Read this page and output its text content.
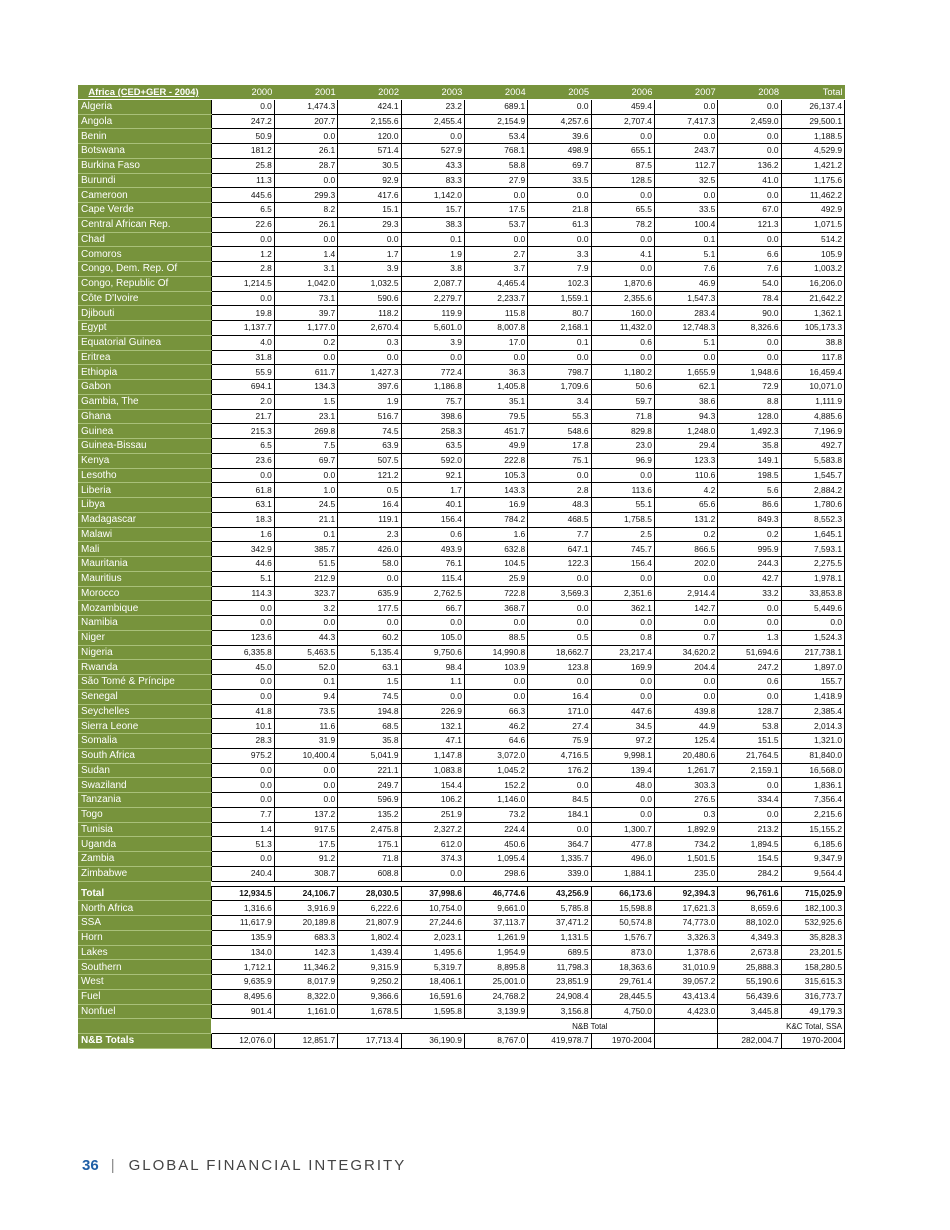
Africa (CED+GER - 2004)	2000	2001	2002	2003	2004	2005	2006	2007	2008	Total
Algeria	0.0	1,474.3	424.1	23.2	689.1	0.0	459.4	0.0	0.0	26,137.4
Angola	247.2	207.7	2,155.6	2,455.4	2,154.9	4,257.6	2,707.4	7,417.3	2,459.0	29,500.1
Benin	50.9	0.0	120.0	0.0	53.4	39.6	0.0	0.0	0.0	1,188.5
Botswana	181.2	26.1	571.4	527.9	768.1	498.9	655.1	243.7	0.0	4,529.9
Burkina Faso	25.8	28.7	30.5	43.3	58.8	69.7	87.5	112.7	136.2	1,421.2
Burundi	11.3	0.0	92.9	83.3	27.9	33.5	128.5	32.5	41.0	1,175.6
Cameroon	445.6	299.3	417.6	1,142.0	0.0	0.0	0.0	0.0	0.0	11,462.2
Cape Verde	6.5	8.2	15.1	15.7	17.5	21.8	65.5	33.5	67.0	492.9
Central African Rep.	22.6	26.1	29.3	38.3	53.7	61.3	78.2	100.4	121.3	1,071.5
Chad	0.0	0.0	0.0	0.1	0.0	0.0	0.0	0.1	0.0	514.2
Comoros	1.2	1.4	1.7	1.9	2.7	3.3	4.1	5.1	6.6	105.9
Congo, Dem. Rep. Of	2.8	3.1	3.9	3.8	3.7	7.9	0.0	7.6	7.6	1,003.2
Congo, Republic Of	1,214.5	1,042.0	1,032.5	2,087.7	4,465.4	102.3	1,870.6	46.9	54.0	16,206.0
Côte D'Ivoire	0.0	73.1	590.6	2,279.7	2,233.7	1,559.1	2,355.6	1,547.3	78.4	21,642.2
Djibouti	19.8	39.7	118.2	119.9	115.8	80.7	160.0	283.4	90.0	1,362.1
Egypt	1,137.7	1,177.0	2,670.4	5,601.0	8,007.8	2,168.1	11,432.0	12,748.3	8,326.6	105,173.3
Equatorial Guinea	4.0	0.2	0.3	3.9	17.0	0.1	0.6	5.1	0.0	38.8
Eritrea	31.8	0.0	0.0	0.0	0.0	0.0	0.0	0.0	0.0	117.8
Ethiopia	55.9	611.7	1,427.3	772.4	36.3	798.7	1,180.2	1,655.9	1,948.6	16,459.4
Gabon	694.1	134.3	397.6	1,186.8	1,405.8	1,709.6	50.6	62.1	72.9	10,071.0
Gambia, The	2.0	1.5	1.9	75.7	35.1	3.4	59.7	38.6	8.8	1,111.9
Ghana	21.7	23.1	516.7	398.6	79.5	55.3	71.8	94.3	128.0	4,885.6
Guinea	215.3	269.8	74.5	258.3	451.7	548.6	829.8	1,248.0	1,492.3	7,196.9
Guinea-Bissau	6.5	7.5	63.9	63.5	49.9	17.8	23.0	29.4	35.8	492.7
Kenya	23.6	69.7	507.5	592.0	222.8	75.1	96.9	123.3	149.1	5,583.8
Lesotho	0.0	0.0	121.2	92.1	105.3	0.0	0.0	110.6	198.5	1,545.7
Liberia	61.8	1.0	0.5	1.7	143.3	2.8	113.6	4.2	5.6	2,884.2
Libya	63.1	24.5	16.4	40.1	16.9	48.3	55.1	65.6	86.6	1,780.6
Madagascar	18.3	21.1	119.1	156.4	784.2	468.5	1,758.5	131.2	849.3	8,552.3
Malawi	1.6	0.1	2.3	0.6	1.6	7.7	2.5	0.2	0.2	1,645.1
Mali	342.9	385.7	426.0	493.9	632.8	647.1	745.7	866.5	995.9	7,593.1
Mauritania	44.6	51.5	58.0	76.1	104.5	122.3	156.4	202.0	244.3	2,275.5
Mauritius	5.1	212.9	0.0	115.4	25.9	0.0	0.0	0.0	42.7	1,978.1
Morocco	114.3	323.7	635.9	2,762.5	722.8	3,569.3	2,351.6	2,914.4	33.2	33,853.8
Mozambique	0.0	3.2	177.5	66.7	368.7	0.0	362.1	142.7	0.0	5,449.6
Namibia	0.0	0.0	0.0	0.0	0.0	0.0	0.0	0.0	0.0	0.0
Niger	123.6	44.3	60.2	105.0	88.5	0.5	0.8	0.7	1.3	1,524.3
Nigeria	6,335.8	5,463.5	5,135.4	9,750.6	14,990.8	18,662.7	23,217.4	34,620.2	51,694.6	217,738.1
Rwanda	45.0	52.0	63.1	98.4	103.9	123.8	169.9	204.4	247.2	1,897.0
São Tomé & Príncipe	0.0	0.1	1.5	1.1	0.0	0.0	0.0	0.0	0.6	155.7
Senegal	0.0	9.4	74.5	0.0	0.0	16.4	0.0	0.0	0.0	1,418.9
Seychelles	41.8	73.5	194.8	226.9	66.3	171.0	447.6	439.8	128.7	2,385.4
Sierra Leone	10.1	11.6	68.5	132.1	46.2	27.4	34.5	44.9	53.8	2,014.3
Somalia	28.3	31.9	35.8	47.1	64.6	75.9	97.2	125.4	151.5	1,321.0
South Africa	975.2	10,400.4	5,041.9	1,147.8	3,072.0	4,716.5	9,998.1	20,480.6	21,764.5	81,840.0
Sudan	0.0	0.0	221.1	1,083.8	1,045.2	176.2	139.4	1,261.7	2,159.1	16,568.0
Swaziland	0.0	0.0	249.7	154.4	152.2	0.0	48.0	303.3	0.0	1,836.1
Tanzania	0.0	0.0	596.9	106.2	1,146.0	84.5	0.0	276.5	334.4	7,356.4
Togo	7.7	137.2	135.2	251.9	73.2	184.1	0.0	0.3	0.0	2,215.6
Tunisia	1.4	917.5	2,475.8	2,327.2	224.4	0.0	1,300.7	1,892.9	213.2	15,155.2
Uganda	51.3	17.5	175.1	612.0	450.6	364.7	477.8	734.2	1,894.5	6,185.6
Zambia	0.0	91.2	71.8	374.3	1,095.4	1,335.7	496.0	1,501.5	154.5	9,347.9
Zimbabwe	240.4	308.7	608.8	0.0	298.6	339.0	1,884.1	235.0	284.2	9,564.4

Total	12,934.5	24,106.7	28,030.5	37,998.6	46,774.6	43,256.9	66,173.6	92,394.3	96,761.6	715,025.9
North Africa	1,316.6	3,916.9	6,222.6	10,754.0	9,661.0	5,785.8	15,598.8	17,621.3	8,659.6	182,100.3
SSA	11,617.9	20,189.8	21,807.9	27,244.6	37,113.7	37,471.2	50,574.8	74,773.0	88,102.0	532,925.6
Horn	135.9	683.3	1,802.4	2,023.1	1,261.9	1,131.5	1,576.7	3,326.3	4,349.3	35,828.3
Lakes	134.0	142.3	1,439.4	1,495.6	1,954.9	689.5	873.0	1,378.6	2,673.8	23,201.5
Southern	1,712.1	11,346.2	9,315.9	5,319.7	8,895.8	11,798.3	18,363.6	31,010.9	25,888.3	158,280.5
West	9,635.9	8,017.9	9,250.2	18,406.1	25,001.0	23,851.9	29,761.4	39,057.2	55,190.6	315,615.3
Fuel	8,495.6	8,322.0	9,366.6	16,591.6	24,768.2	24,908.4	28,445.5	43,413.4	56,439.6	316,773.7
Nonfuel	901.4	1,161.0	1,678.5	1,595.8	3,139.9	3,156.8	4,750.0	4,423.0	3,445.8	49,179.3
						N&B Total			K&C Total, SSA	
N&B Totals	12,076.0	12,851.7	17,713.4	36,190.9	8,767.0	419,978.7	1970-2004		282,004.7	1970-2004
36 | GLOBAL FINANCIAL INTEGRITY
